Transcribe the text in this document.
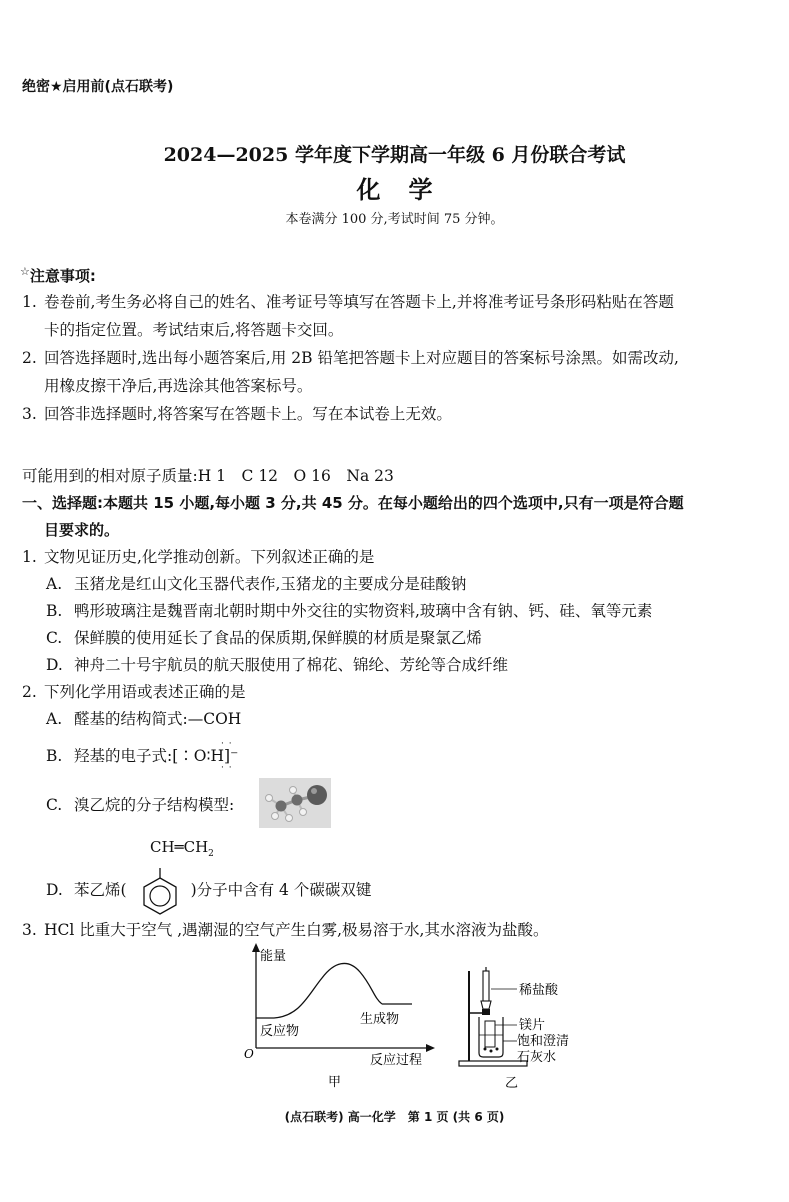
绝密★启用前(点石联考)
2024—2025 学年度下学期高一年级 6 月份联合考试
化学
本卷满分 100 分,考试时间 75 分钟。
☆注意事项:
1. 卷卷前,考生务必将自己的姓名、准考证号等填写在答题卡上,并将准考证号条形码粘贴在答题
卡的指定位置。考试结束后,将答题卡交回。
2. 回答选择题时,选出每小题答案后,用 2B 铅笔把答题卡上对应题目的答案标号涂黑。如需改动,
用橡皮擦干净后,再选涂其他答案标号。
3. 回答非选择题时,将答案写在答题卡上。写在本试卷上无效。
可能用到的相对原子质量:H 1　C 12　O 16　Na 23
一、选择题:本题共 15 小题,每小题 3 分,共 45 分。在每小题给出的四个选项中,只有一项是符合题
目要求的。
1. 文物见证历史,化学推动创新。下列叙述正确的是
A. 玉猪龙是红山文化玉器代表作,玉猪龙的主要成分是硅酸钠
B. 鸭形玻璃注是魏晋南北朝时期中外交往的实物资料,玻璃中含有钠、钙、硅、氧等元素
C. 保鲜膜的使用延长了食品的保质期,保鲜膜的材质是聚氯乙烯
D. 神舟二十号宇航员的航天服使用了棉花、锦纶、芳纶等合成纤维
2. 下列化学用语或表述正确的是
A. 醛基的结构简式:—COH
B. 羟基的电子式:[∶O∶H]⁻
· ·
· ·
C. 溴乙烷的分子结构模型:
$CH═CH_2$
D. 苯乙烯(	)分子中含有 4 个碳碳双键
3. HCl 比重大于空气 ,遇潮湿的空气产生白雾,极易溶于水,其水溶液为盐酸。
能量
反应物
生成物
O	反应过程
甲
稀盐酸
镁片
饱和澄清
石灰水
乙
(点石联考) 高一化学　第 1 页 (共 6 页)
